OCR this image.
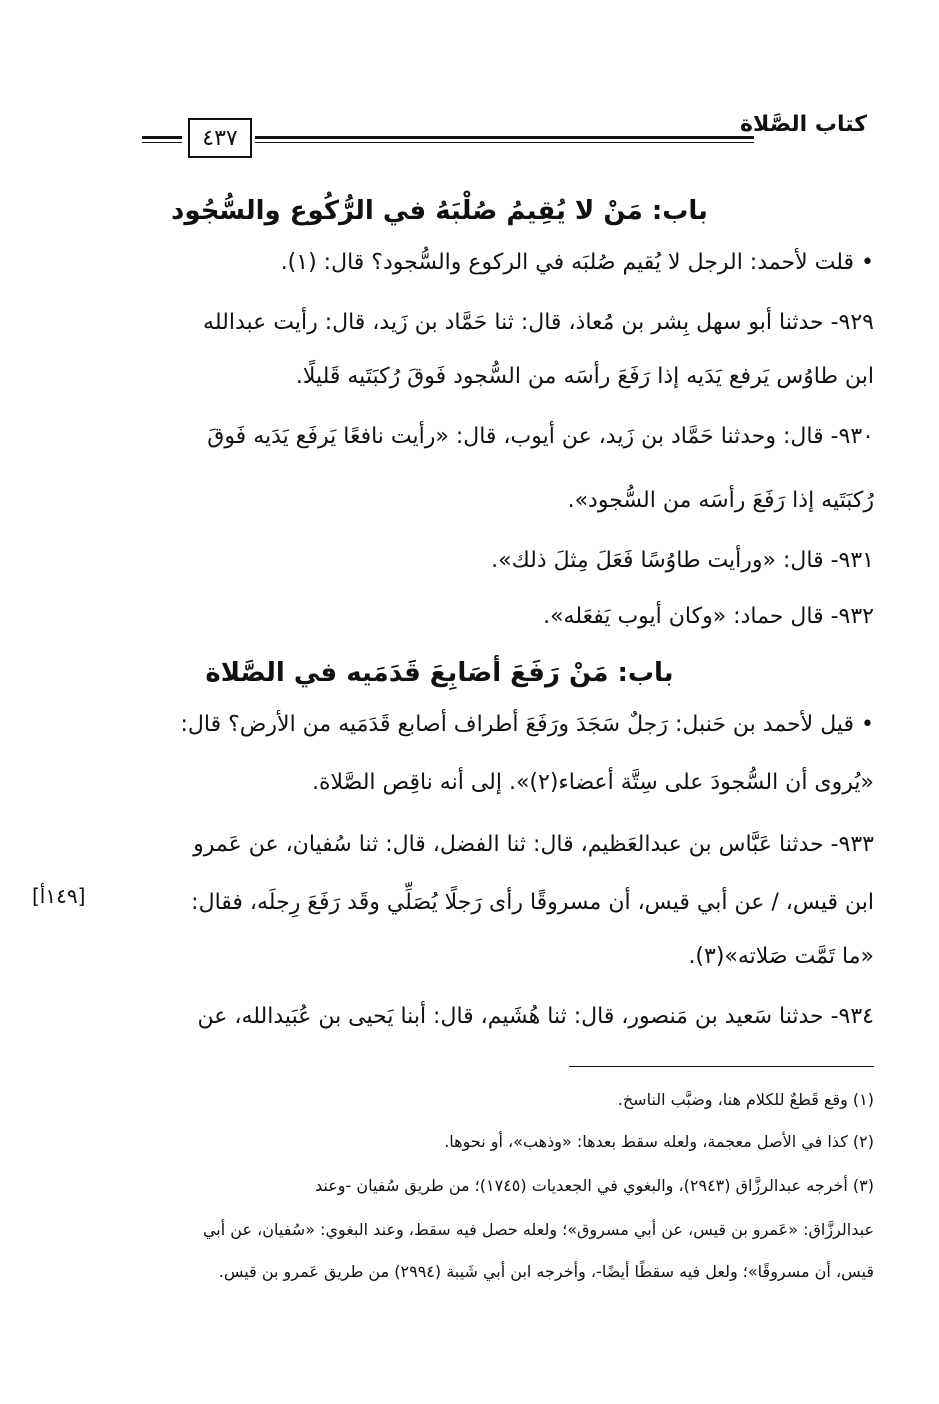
كتاب الصَّلاة
٤٣٧
باب: مَنْ لا يُقِيمُ صُلْبَهُ في الرُّكُوع والسُّجُود
• قلت لأحمد: الرجل لا يُقيم صُلبَه في الركوع والسُّجود؟ قال: (١).
٩٢٩- حدثنا أبو سهل بِشر بن مُعاذ، قال: ثنا حَمَّاد بن زَيد، قال: رأيت عبدالله
ابن طاوُس يَرفع يَدَيه إذا رَفَعَ رأسَه من السُّجود فَوقَ رُكبَتَيه قَليلًا.
٩٣٠- قال: وحدثنا حَمَّاد بن زَيد، عن أيوب، قال: «رأيت نافعًا يَرفَع يَدَيه فَوقَ
رُكبَتَيه إذا رَفَعَ رأسَه من السُّجود».
٩٣١- قال: «ورأيت طاوُسًا فَعَلَ مِثلَ ذلك».
٩٣٢- قال حماد: «وكان أيوب يَفعَله».
باب: مَنْ رَفَعَ أصَابِعَ قَدَمَيه في الصَّلاة
• قيل لأحمد بن حَنبل: رَجلٌ سَجَدَ ورَفَعَ أطراف أصابع قَدَمَيه من الأرض؟ قال:
«يُروى أن السُّجودَ على سِتَّة أعضاء(٢)». إلى أنه ناقِص الصَّلاة.
٩٣٣- حدثنا عَبَّاس بن عبدالعَظيم، قال: ثنا الفضل، قال: ثنا سُفيان، عن عَمرو
ابن قيس، / عن أبي قيس، أن مسروقًا رأى رَجلًا يُصَلِّي وقَد رَفَعَ رِجلَه، فقال:
[١٤٩أ]
«ما تَمَّت صَلاته»(٣).
٩٣٤- حدثنا سَعيد بن مَنصور، قال: ثنا هُشَيم، قال: أبنا يَحيى بن عُبَيدالله، عن
(١) وقع قَطعٌ للكلام هنا، وضبَّب الناسخ.
(٢) كذا في الأصل معجمة، ولعله سقط بعدها: «وذهب»، أو نحوها.
(٣) أخرجه عبدالرزَّاق (٢٩٤٣)، والبغوي في الجعديات (١٧٤٥)؛ من طريق سُفيان -وعند
عبدالرزَّاق: «عَمرو بن قيس، عن أبي مسروق»؛ ولعله حصل فيه سقط، وعند البغوي: «سُفيان، عن أبي
قيس، أن مسروقًا»؛ ولعل فيه سقطًا أيضًا-، وأخرجه ابن أبي شَيبة (٢٩٩٤) من طريق عَمرو بن قيس.
